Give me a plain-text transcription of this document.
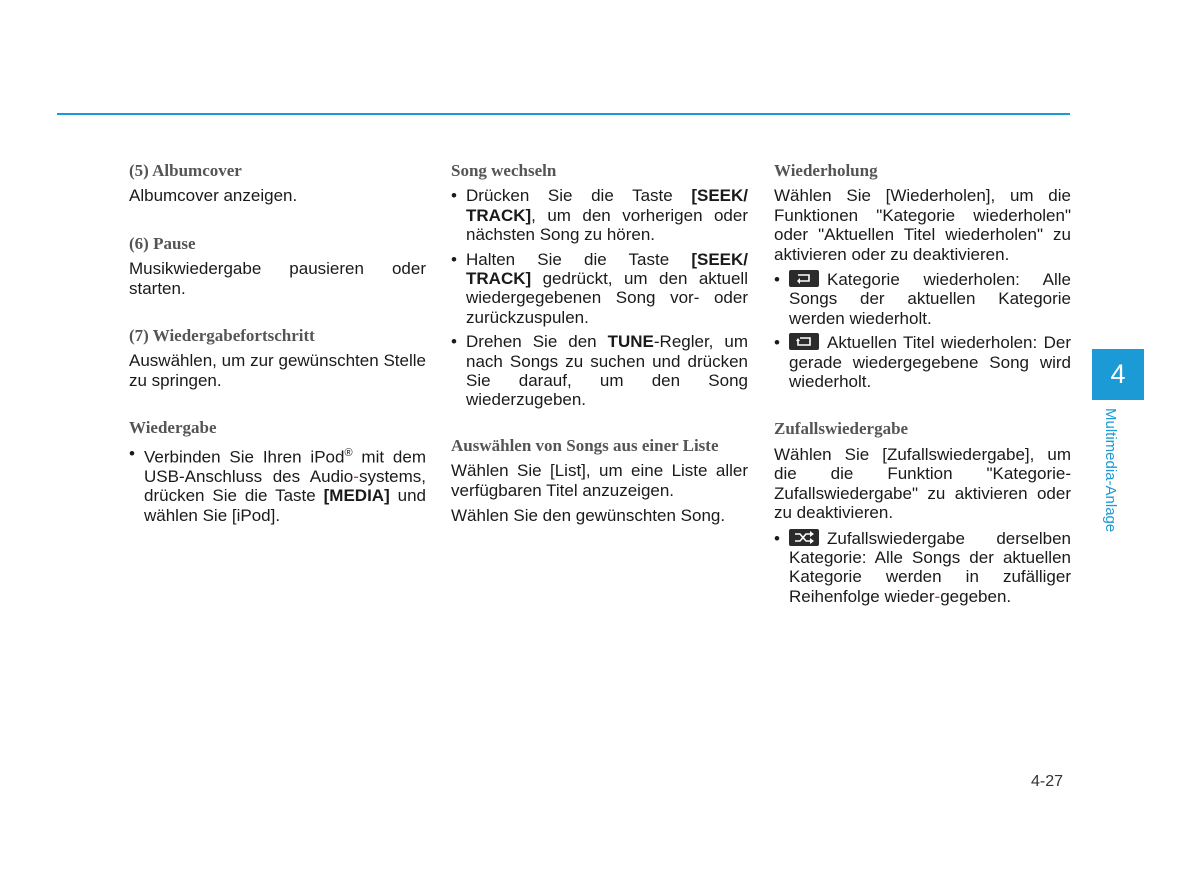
(5) Albumcover

Albumcover anzeigen.

(6) Pause

Musikwiedergabe pausieren oder starten.

(7) Wiedergabefortschritt

Auswählen, um zur gewünschten Stelle zu springen.

Wiedergabe
• Verbinden Sie Ihren iPod® mit dem USB-Anschluss des Audio-systems, drücken Sie die Taste [MEDIA] und wählen Sie [iPod].
Song wechseln
• Drücken Sie die Taste [SEEK/ TRACK], um den vorherigen oder nächsten Song zu hören.
• Halten Sie die Taste [SEEK/ TRACK] gedrückt, um den aktuell wiedergegebenen Song vor- oder zurückzuspulen.
• Drehen Sie den TUNE-Regler, um nach Songs zu suchen und drücken Sie darauf, um den Song wiederzugeben.
Auswählen von Songs aus einer Liste

Wählen Sie [List], um eine Liste aller verfügbaren Titel anzuzeigen.

Wählen Sie den gewünschten Song.

Wiederholung

Wählen Sie [Wiederholen], um die Funktionen "Kategorie wiederholen" oder "Aktuellen Titel wiederholen" zu aktivieren oder zu deaktivieren.

• Kategorie wiederholen: Alle Songs der aktuellen Kategorie werden wiederholt.
• Aktuellen Titel wiederholen: Der gerade wiedergegebene Song wird wiederholt.
Zufallswiedergabe

Wählen Sie [Zufallswiedergabe], um die die Funktion "Kategorie-Zufallswiedergabe" zu aktivieren oder zu deaktivieren.

• Zufallswiedergabe derselben Kategorie: Alle Songs der aktuellen Kategorie werden in zufälliger Reihenfolge wieder-gegeben.
4
Multimedia-Anlage
4-27
